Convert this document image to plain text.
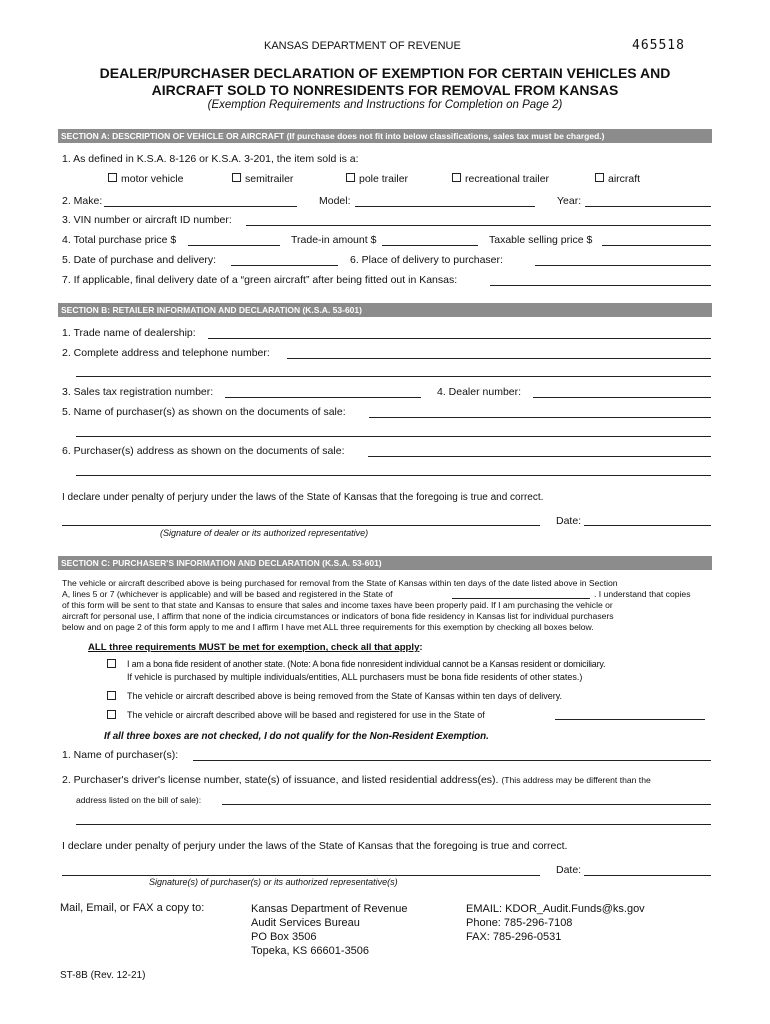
KANSAS DEPARTMENT OF REVENUE	465518
DEALER/PURCHASER DECLARATION OF EXEMPTION FOR CERTAIN VEHICLES AND
AIRCRAFT SOLD TO NONRESIDENTS FOR REMOVAL FROM KANSAS
(Exemption Requirements and Instructions for Completion on Page 2)
SECTION A: DESCRIPTION OF VEHICLE OR AIRCRAFT (If purchase does not fit into below classifications, sales tax must be charged.)
1. As defined in K.S.A. 8-126 or K.S.A. 3-201, the item sold is a:
motor vehicle	semitrailer	pole trailer	recreational trailer	aircraft
2. Make:	Model:	Year:
3. VIN number or aircraft ID number:
4. Total purchase price $	Trade-in amount $	Taxable selling price $
5. Date of purchase and delivery:	6. Place of delivery to purchaser:
7. If applicable, final delivery date of a “green aircraft” after being fitted out in Kansas:
SECTION B: RETAILER INFORMATION AND DECLARATION (K.S.A. 53-601)
1. Trade name of dealership:
2. Complete address and telephone number:
3. Sales tax registration number:	4. Dealer number:
5. Name of purchaser(s) as shown on the documents of sale:
6. Purchaser(s) address as shown on the documents of sale:
I declare under penalty of perjury under the laws of the State of Kansas that the foregoing is true and correct.
Date:
(Signature of dealer or its authorized representative)
SECTION C: PURCHASER'S INFORMATION AND DECLARATION (K.S.A. 53-601)
The vehicle or aircraft described above is being purchased for removal from the State of Kansas within ten days of the date listed above in Section
A, lines 5 or 7 (whichever is applicable) and will be based and registered in the State of	. I understand that copies
of this form will be sent to that state and Kansas to ensure that sales and income taxes have been properly paid. If I am purchasing the vehicle or
aircraft for personal use, I affirm that none of the indicia circumstances or indicators of bona fide residency in Kansas list for individual purchasers
below and on page 2 of this form apply to me and I affirm I have met ALL three requirements for this exemption by checking all boxes below.
ALL three requirements MUST be met for exemption, check all that apply:
I am a bona fide resident of another state. (Note: A bona fide nonresident individual cannot be a Kansas resident or domiciliary.
If vehicle is purchased by multiple individuals/entities, ALL purchasers must be bona fide residents of other states.)
The vehicle or aircraft described above is being removed from the State of Kansas within ten days of delivery.
The vehicle or aircraft described above will be based and registered for use in the State of
If all three boxes are not checked, I do not qualify for the Non-Resident Exemption.
1. Name of purchaser(s):
2. Purchaser's driver's license number, state(s) of issuance, and listed residential address(es). (This address may be different than the
address listed on the bill of sale):
I declare under penalty of perjury under the laws of the State of Kansas that the foregoing is true and correct.
Date:
Signature(s) of purchaser(s) or its authorized representative(s)
Mail, Email, or FAX a copy to:	Kansas Department of Revenue
Audit Services Bureau
PO Box 3506
Topeka, KS 66601-3506
EMAIL: KDOR_Audit.Funds@ks.gov
Phone: 785-296-7108
FAX: 785-296-0531
ST-8B (Rev. 12-21)
